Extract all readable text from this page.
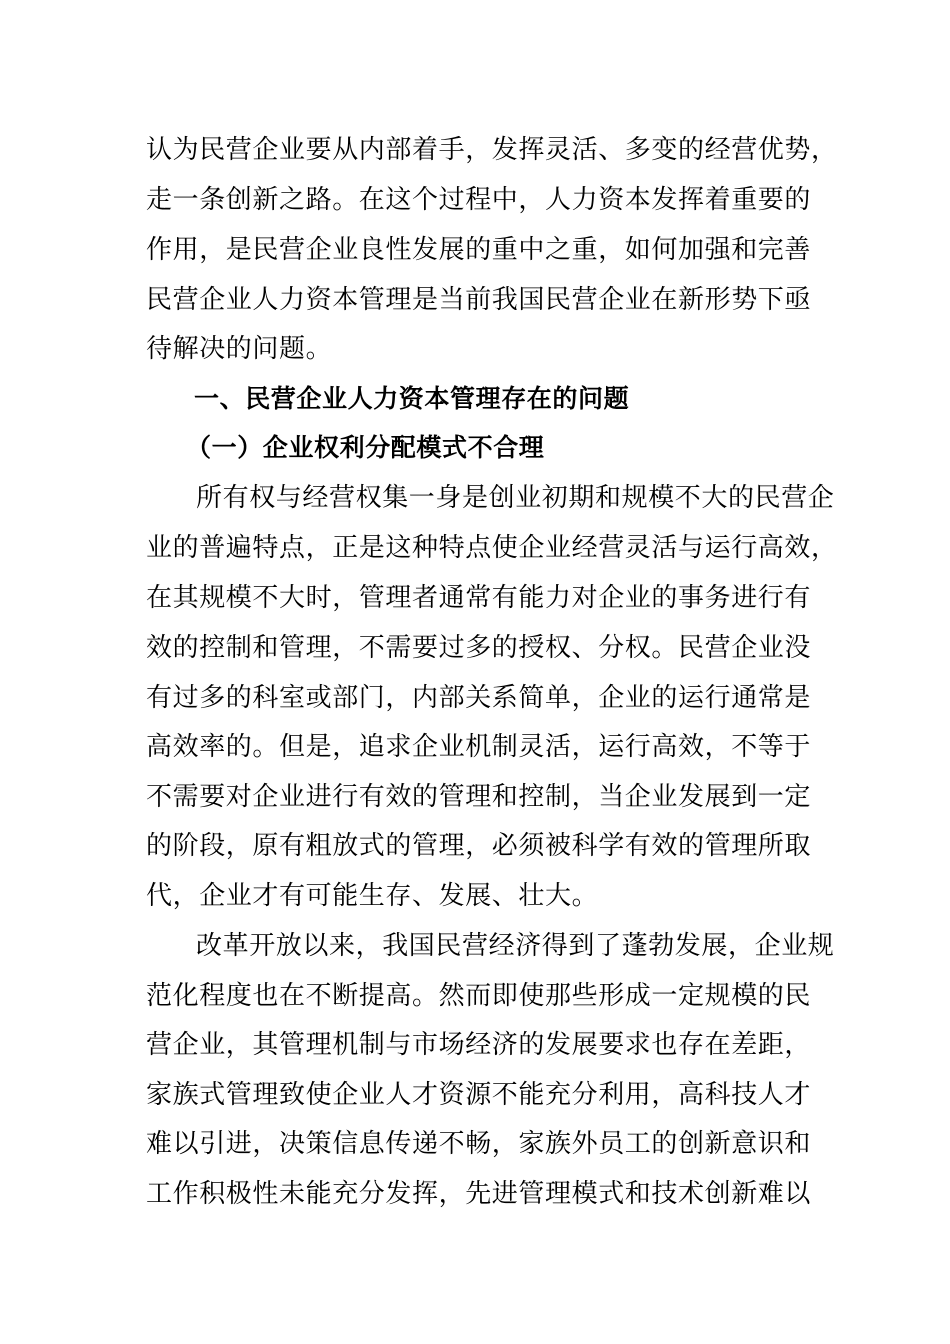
认为民营企业要从内部着手，发挥灵活、多变的经营优势，
走一条创新之路。在这个过程中，人力资本发挥着重要的
作用，是民营企业良性发展的重中之重，如何加强和完善
民营企业人力资本管理是当前我国民营企业在新形势下亟
待解决的问题。
一、民营企业人力资本管理存在的问题
（一）企业权利分配模式不合理
所有权与经营权集一身是创业初期和规模不大的民营企
业的普遍特点，正是这种特点使企业经营灵活与运行高效，
在其规模不大时，管理者通常有能力对企业的事务进行有
效的控制和管理，不需要过多的授权、分权。民营企业没
有过多的科室或部门，内部关系简单，企业的运行通常是
高效率的。但是，追求企业机制灵活，运行高效，不等于
不需要对企业进行有效的管理和控制，当企业发展到一定
的阶段，原有粗放式的管理，必须被科学有效的管理所取
代，企业才有可能生存、发展、壮大。
改革开放以来，我国民营经济得到了蓬勃发展，企业规
范化程度也在不断提高。然而即使那些形成一定规模的民
营企业，其管理机制与市场经济的发展要求也存在差距，
家族式管理致使企业人才资源不能充分利用，高科技人才
难以引进，决策信息传递不畅，家族外员工的创新意识和
工作积极性未能充分发挥，先进管理模式和技术创新难以
